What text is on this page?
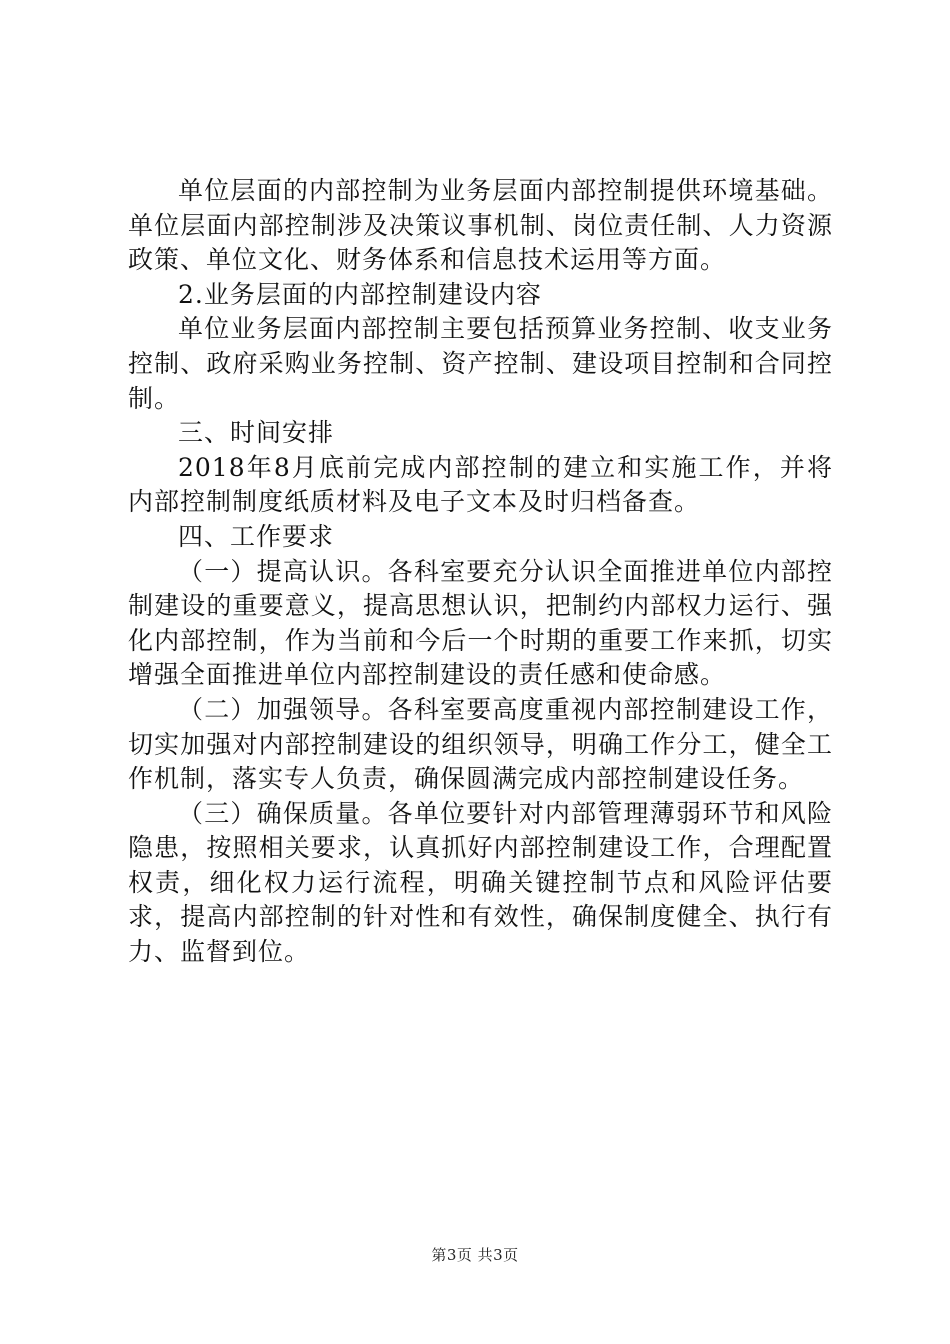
单位层面的内部控制为业务层面内部控制提供环境基础。单位层面内部控制涉及决策议事机制、岗位责任制、人力资源政策、单位文化、财务体系和信息技术运用等方面。

2.业务层面的内部控制建设内容

单位业务层面内部控制主要包括预算业务控制、收支业务控制、政府采购业务控制、资产控制、建设项目控制和合同控制。

三、时间安排

2018年8月底前完成内部控制的建立和实施工作，并将内部控制制度纸质材料及电子文本及时归档备查。

四、工作要求

（一）提高认识。各科室要充分认识全面推进单位内部控制建设的重要意义，提高思想认识，把制约内部权力运行、强化内部控制，作为当前和今后一个时期的重要工作来抓，切实增强全面推进单位内部控制建设的责任感和使命感。

（二）加强领导。各科室要高度重视内部控制建设工作，切实加强对内部控制建设的组织领导，明确工作分工，健全工作机制，落实专人负责，确保圆满完成内部控制建设任务。

（三）确保质量。各单位要针对内部管理薄弱环节和风险隐患，按照相关要求，认真抓好内部控制建设工作，合理配置权责，细化权力运行流程，明确关键控制节点和风险评估要求，提高内部控制的针对性和有效性，确保制度健全、执行有力、监督到位。

第3页 共3页
